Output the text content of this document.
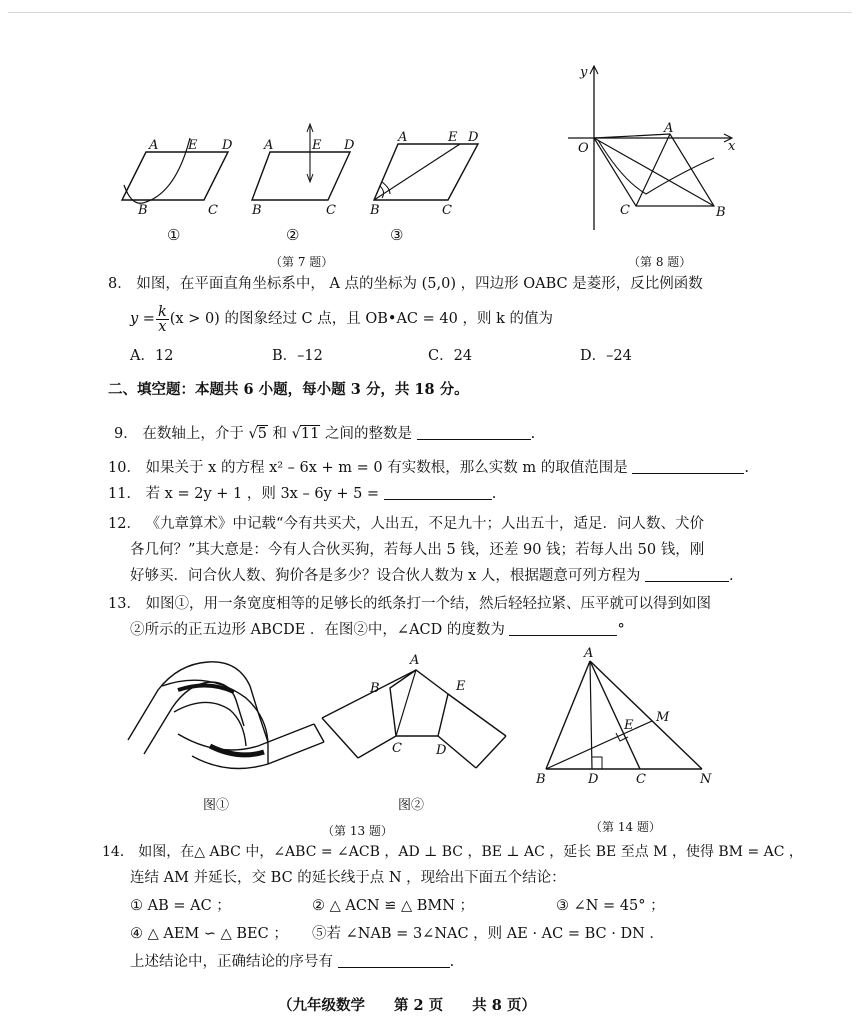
A E D
B	C
A	E D
B	C
A	E D
B	C
①	②	③
（第 7 题）
y
x
O
A
C	B
（第 8 题）
8． 如图，在平面直角坐标系中， A 点的坐标为 (5,0) ，四边形 OABC 是菱形，反比例函数
$y = \frac{k}{x} (x > 0)$ 的图象经过 C 点，且 OB•AC = 40 ，则 k 的值为
A．12	B．–12	C．24	D．–24
二、填空题：本题共 6 小题，每小题 3 分，共 18 分。
9． 在数轴上，介于 √5 和 √11 之间的整数是	.
10． 如果关于 x 的方程 x² – 6x + m = 0 有实数根，那么实数 m 的取值范围是	.
11． 若 x = 2y + 1 ，则 3x – 6y + 5 =	.
12． 《九章算术》中记载“今有共买犬，人出五，不足九十；人出五十，适足．问人数、犬价
各几何？”其大意是：今有人合伙买狗，若每人出 5 钱，还差 90 钱；若每人出 50 钱，刚
好够买．问合伙人数、狗价各是多少？设合伙人数为 x 人，根据题意可列方程为	.
13． 如图①，用一条宽度相等的足够长的纸条打一个结，然后轻轻拉紧、压平就可以得到如图
②所示的正五边形 ABCDE ．在图②中，∠ACD 的度数为	°
A
B	E
C	D
图①	图②
（第 13 题）
A
E
M
B	D	C	N
（第 14 题）
14． 如图，在△ ABC 中，∠ABC = ∠ACB ，AD ⊥ BC ，BE ⊥ AC ，延长 BE 至点 M ，使得 BM = AC ，
连结 AM 并延长，交 BC 的延长线于点 N ，现给出下面五个结论：
① AB = AC ；	② △ ACN ≌ △ BMN ；	③ ∠N = 45° ；
④ △ AEM ∽ △ BEC ； ⑤若 ∠NAB = 3∠NAC ，则 AE · AC = BC · DN ．
上述结论中，正确结论的序号有	.
（九年级数学　　第 2 页　　共 8 页）
